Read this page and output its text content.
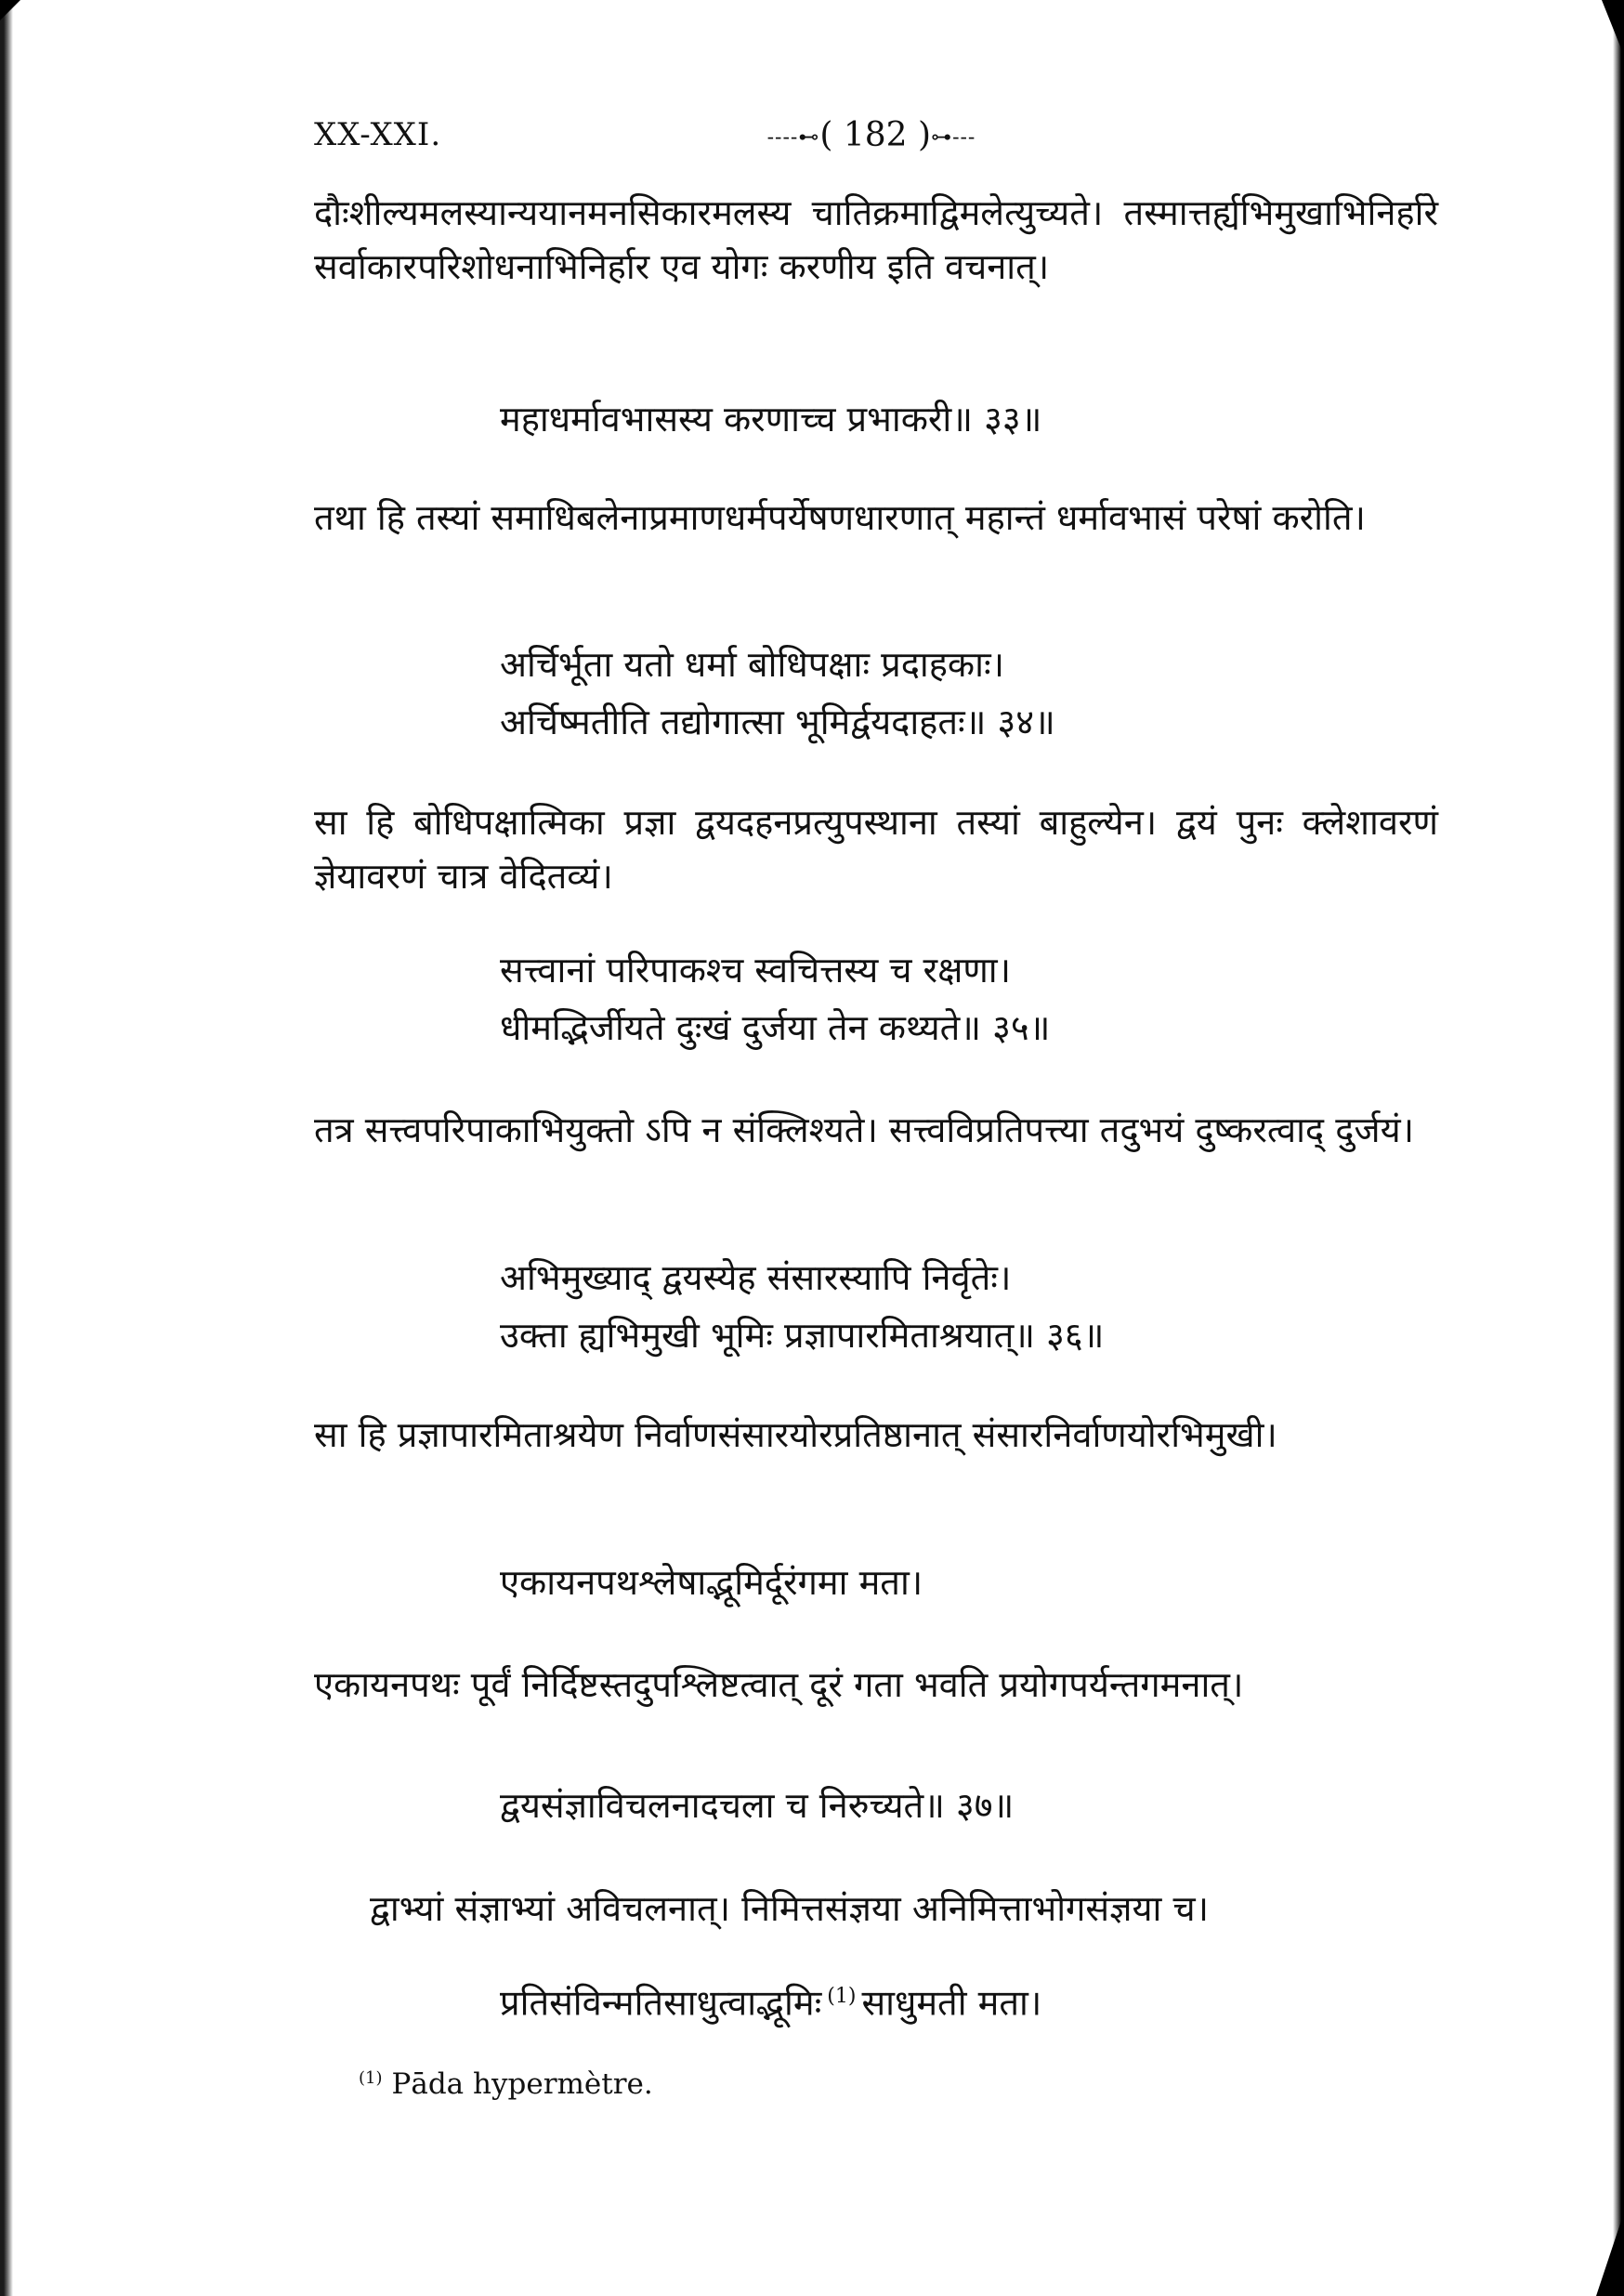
XX-XXI.	----⊷( 182 )⊶---
दौःशील्यमलस्यान्ययानमनसिकारमलस्य चातिक्रमाद्विमलेत्युच्यते। तस्मात्तर्ह्यभिमुखाभिनिर्हारे सर्वाकारपरिशोधनाभिनिर्हार एव योगः करणीय इति वचनात्।
महाधर्मावभासस्य करणाच्च प्रभाकरी॥ ३३॥
तथा हि तस्यां समाधिबलेनाप्रमाणधर्मपर्येषणधारणात् महान्तं धर्मावभासं परेषां करोति।
अर्चिर्भूता यतो धर्मा बोधिपक्षाः प्रदाहकाः।
अर्चिष्मतीति तद्योगात्सा भूमिर्द्वयदाहतः॥ ३४॥
सा हि बोधिपक्षात्मिका प्रज्ञा द्वयदहनप्रत्युपस्थाना तस्यां बाहुल्येन। द्वयं पुनः क्लेशावरणं ज्ञेयावरणं चात्र वेदितव्यं।
सत्त्वानां परिपाकश्च स्वचित्तस्य च रक्षणा।
धीमद्भिर्जीयते दुःखं दुर्जया तेन कथ्यते॥ ३५॥
तत्र सत्त्वपरिपाकाभियुक्तो ऽपि न संक्लिश्यते। सत्त्वविप्रतिपत्त्या तदुभयं दुष्करत्वाद् दुर्जयं।
अभिमुख्याद् द्वयस्येह संसारस्यापि निर्वृतेः।
उक्ता ह्यभिमुखी भूमिः प्रज्ञापारमिताश्रयात्॥ ३६॥
सा हि प्रज्ञापारमिताश्रयेण निर्वाणसंसारयोरप्रतिष्ठानात् संसारनिर्वाणयोरभिमुखी।
एकायनपथश्लेषाद्भूमिर्दूरंगमा मता।
एकायनपथः पूर्वं निर्दिष्टस्तदुपश्लिष्टत्वात् दूरं गता भवति प्रयोगपर्यन्तगमनात्।
द्वयसंज्ञाविचलनादचला च निरुच्यते॥ ३७॥
द्वाभ्यां संज्ञाभ्यां अविचलनात्। निमित्तसंज्ञया अनिमित्ताभोगसंज्ञया च।
प्रतिसंविन्मतिसाधुत्वाद्भूमिः $^{(1)}$ साधुमती मता।
$^{(1)}$ Pāda hypermètre.
